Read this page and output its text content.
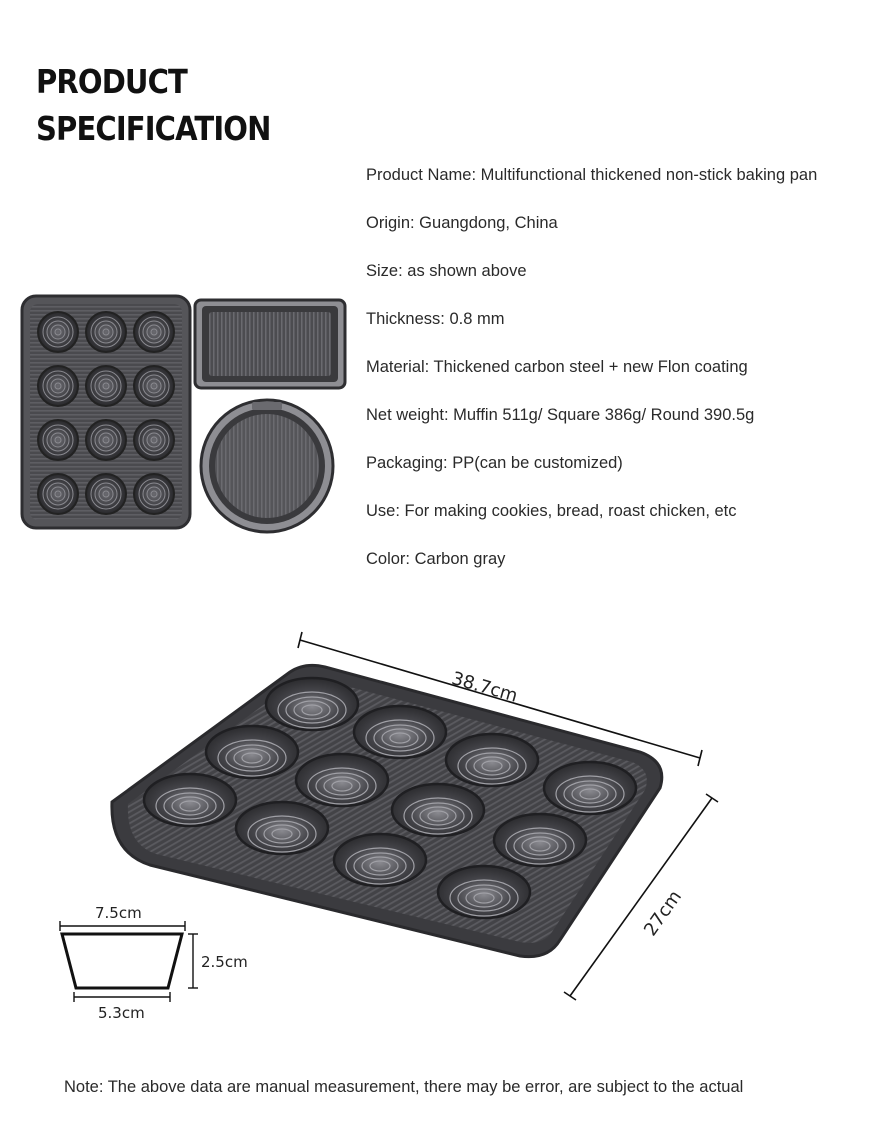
PRODUCT
SPECIFICATION
Product Name: Multifunctional thickened non-stick baking pan
Origin: Guangdong, China
Size: as shown above
Thickness: 0.8 mm
Material: Thickened carbon steel + new Flon coating
Net weight: Muffin 511g/ Square 386g/ Round 390.5g
Packaging: PP(can be customized)
Use: For making cookies, bread, roast chicken, etc
Color: Carbon gray
38.7cm
27cm
7.5cm
2.5cm
5.3cm
Note: The above data are manual measurement, there may be error, are subject to the actual
